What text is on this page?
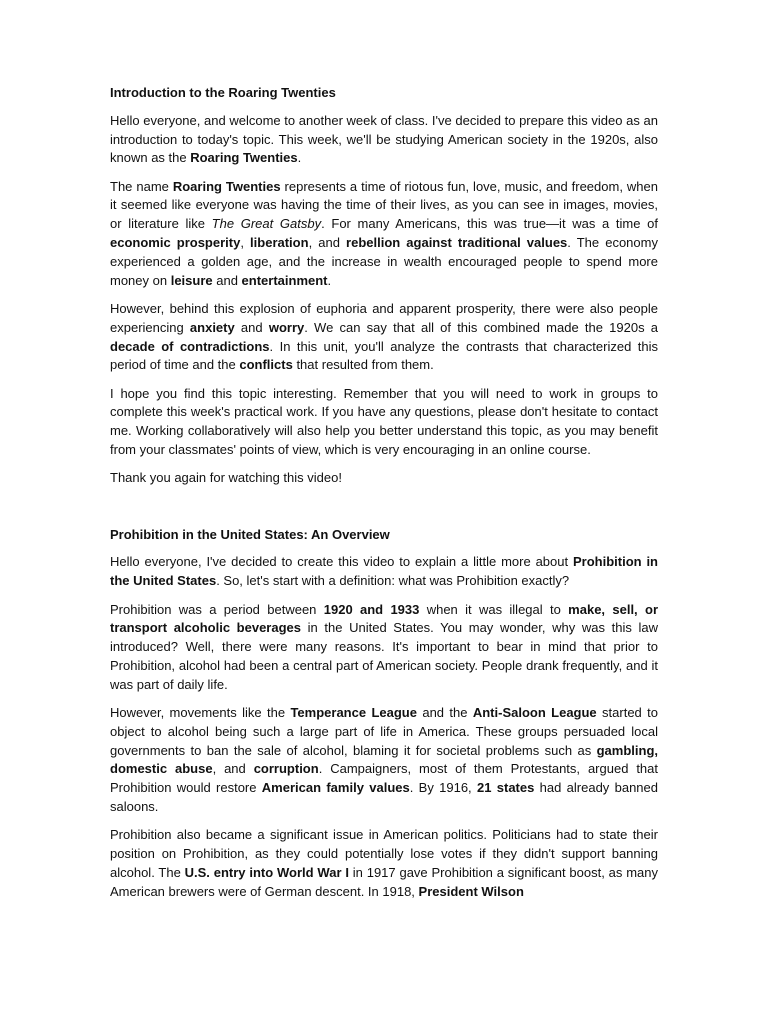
Introduction to the Roaring Twenties

Hello everyone, and welcome to another week of class. I've decided to prepare this video as an introduction to today's topic. This week, we'll be studying American society in the 1920s, also known as the Roaring Twenties.

The name Roaring Twenties represents a time of riotous fun, love, music, and freedom, when it seemed like everyone was having the time of their lives, as you can see in images, movies, or literature like The Great Gatsby. For many Americans, this was true—it was a time of economic prosperity, liberation, and rebellion against traditional values. The economy experienced a golden age, and the increase in wealth encouraged people to spend more money on leisure and entertainment.

However, behind this explosion of euphoria and apparent prosperity, there were also people experiencing anxiety and worry. We can say that all of this combined made the 1920s a decade of contradictions. In this unit, you'll analyze the contrasts that characterized this period of time and the conflicts that resulted from them.

I hope you find this topic interesting. Remember that you will need to work in groups to complete this week's practical work. If you have any questions, please don't hesitate to contact me. Working collaboratively will also help you better understand this topic, as you may benefit from your classmates' points of view, which is very encouraging in an online course.

Thank you again for watching this video!

Prohibition in the United States: An Overview

Hello everyone, I've decided to create this video to explain a little more about Prohibition in the United States. So, let's start with a definition: what was Prohibition exactly?

Prohibition was a period between 1920 and 1933 when it was illegal to make, sell, or transport alcoholic beverages in the United States. You may wonder, why was this law introduced? Well, there were many reasons. It's important to bear in mind that prior to Prohibition, alcohol had been a central part of American society. People drank frequently, and it was part of daily life.

However, movements like the Temperance League and the Anti-Saloon League started to object to alcohol being such a large part of life in America. These groups persuaded local governments to ban the sale of alcohol, blaming it for societal problems such as gambling, domestic abuse, and corruption. Campaigners, most of them Protestants, argued that Prohibition would restore American family values. By 1916, 21 states had already banned saloons.

Prohibition also became a significant issue in American politics. Politicians had to state their position on Prohibition, as they could potentially lose votes if they didn't support banning alcohol. The U.S. entry into World War I in 1917 gave Prohibition a significant boost, as many American brewers were of German descent. In 1918, President Wilson
